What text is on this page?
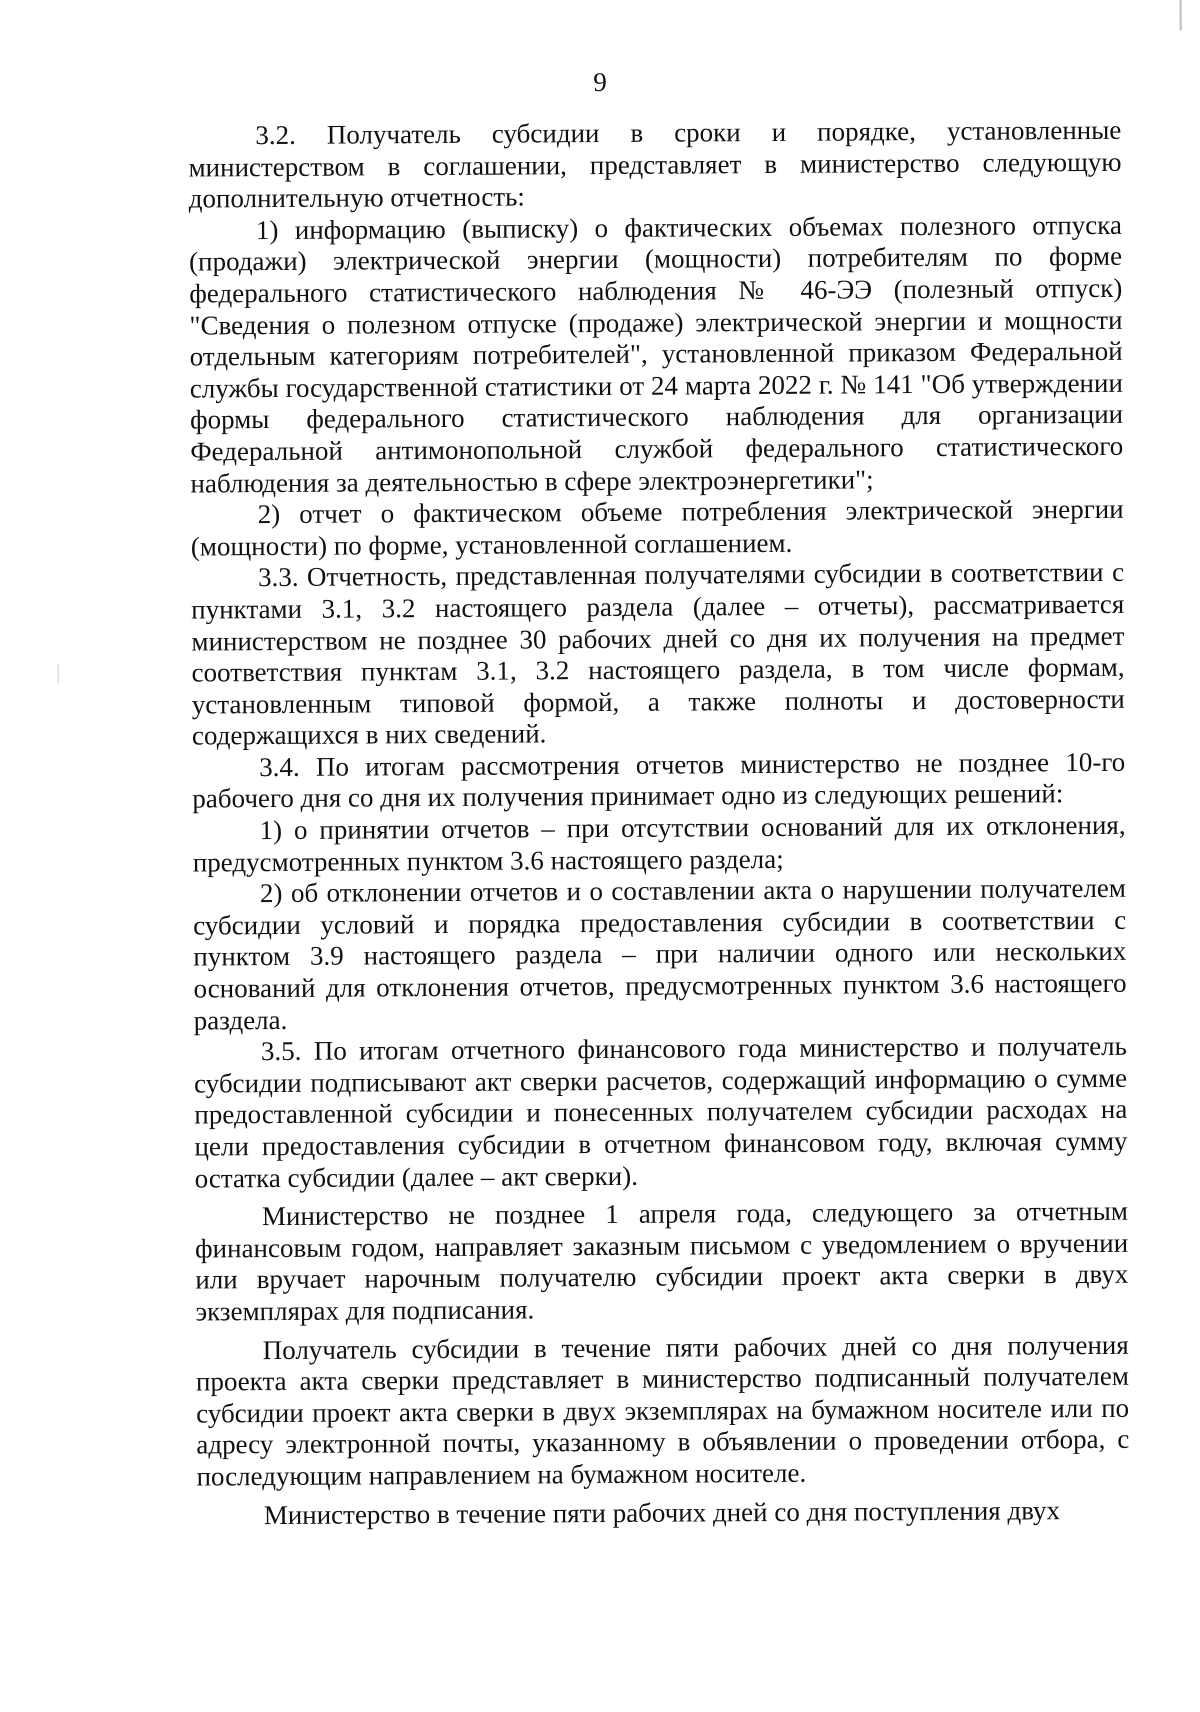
9

3.2. Получатель субсидии в сроки и порядке, установленные министерством в соглашении, представляет в министерство следующую дополнительную отчетность:

1) информацию (выписку) о фактических объемах полезного отпуска (продажи) электрической энергии (мощности) потребителям по форме федерального статистического наблюдения № 46-ЭЭ (полезный отпуск) "Сведения о полезном отпуске (продаже) электрической энергии и мощности отдельным категориям потребителей", установленной приказом Федеральной службы государственной статистики от 24 марта 2022 г. № 141 "Об утверждении формы федерального статистического наблюдения для организации Федеральной антимонопольной службой федерального статистического наблюдения за деятельностью в сфере электроэнергетики";

2) отчет о фактическом объеме потребления электрической энергии (мощности) по форме, установленной соглашением.

3.3. Отчетность, представленная получателями субсидии в соответствии с пунктами 3.1, 3.2 настоящего раздела (далее – отчеты), рассматривается министерством не позднее 30 рабочих дней со дня их получения на предмет соответствия пунктам 3.1, 3.2 настоящего раздела, в том числе формам, установленным типовой формой, а также полноты и достоверности содержащихся в них сведений.

3.4. По итогам рассмотрения отчетов министерство не позднее 10-го рабочего дня со дня их получения принимает одно из следующих решений:

1) о принятии отчетов – при отсутствии оснований для их отклонения, предусмотренных пунктом 3.6 настоящего раздела;

2) об отклонении отчетов и о составлении акта о нарушении получателем субсидии условий и порядка предоставления субсидии в соответствии с пунктом 3.9 настоящего раздела – при наличии одного или нескольких оснований для отклонения отчетов, предусмотренных пунктом 3.6 настоящего раздела.

3.5. По итогам отчетного финансового года министерство и получатель субсидии подписывают акт сверки расчетов, содержащий информацию о сумме предоставленной субсидии и понесенных получателем субсидии расходах на цели предоставления субсидии в отчетном финансовом году, включая сумму остатка субсидии (далее – акт сверки).

Министерство не позднее 1 апреля года, следующего за отчетным финансовым годом, направляет заказным письмом с уведомлением о вручении или вручает нарочным получателю субсидии проект акта сверки в двух экземплярах для подписания.

Получатель субсидии в течение пяти рабочих дней со дня получения проекта акта сверки представляет в министерство подписанный получателем субсидии проект акта сверки в двух экземплярах на бумажном носителе или по адресу электронной почты, указанному в объявлении о проведении отбора, с последующим направлением на бумажном носителе.

Министерство в течение пяти рабочих дней со дня поступления двух
